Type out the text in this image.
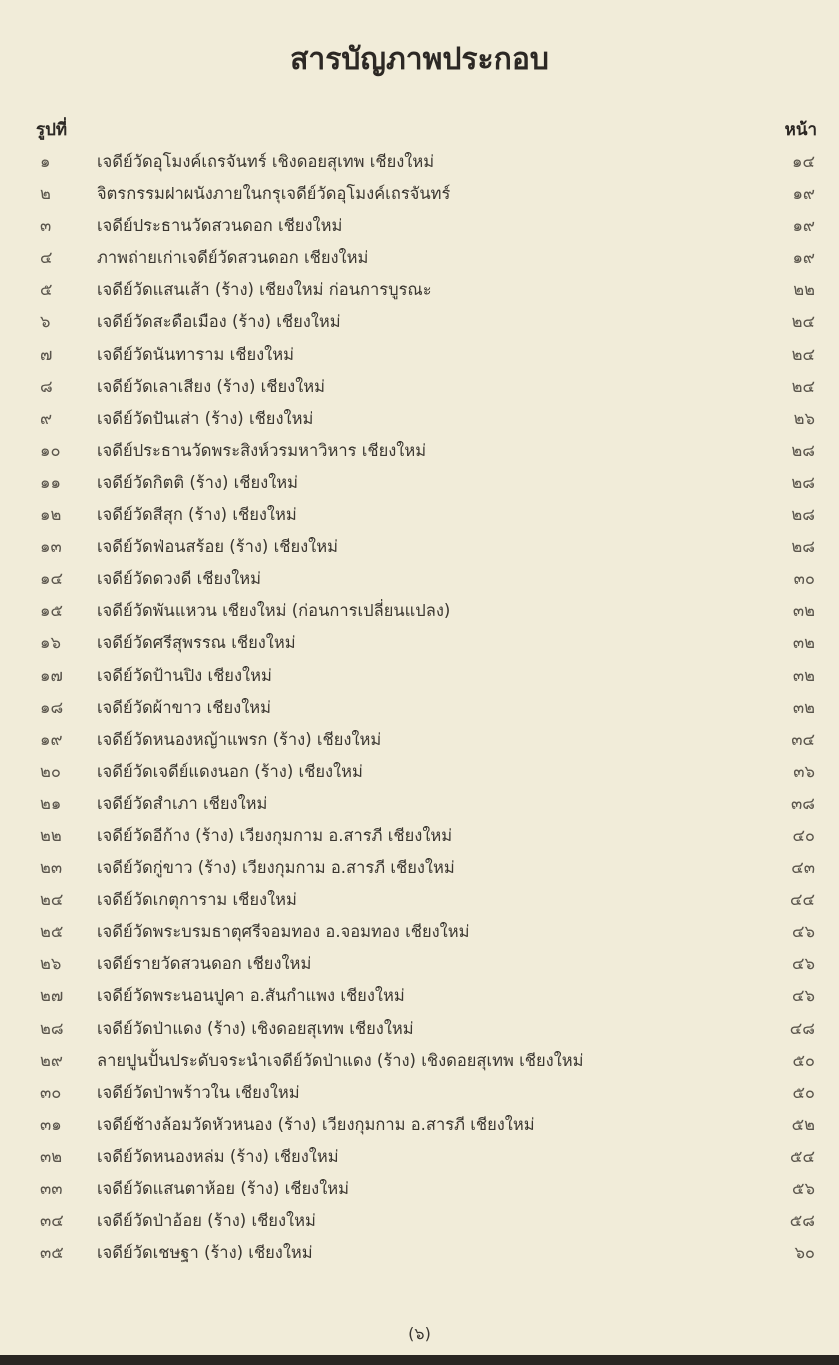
สารบัญภาพประกอบ
รูปที่	หน้า
๑	เจดีย์วัดอุโมงค์เถรจันทร์ เชิงดอยสุเทพ เชียงใหม่	๑๔
๒	จิตรกรรมฝาผนังภายในกรุเจดีย์วัดอุโมงค์เถรจันทร์	๑๙
๓	เจดีย์ประธานวัดสวนดอก เชียงใหม่	๑๙
๔	ภาพถ่ายเก่าเจดีย์วัดสวนดอก เชียงใหม่	๑๙
๕	เจดีย์วัดแสนเส้า (ร้าง) เชียงใหม่ ก่อนการบูรณะ	๒๒
๖	เจดีย์วัดสะดือเมือง (ร้าง) เชียงใหม่	๒๔
๗	เจดีย์วัดนันทาราม เชียงใหม่	๒๔
๘	เจดีย์วัดเลาเสียง (ร้าง) เชียงใหม่	๒๔
๙	เจดีย์วัดปันเส่า (ร้าง) เชียงใหม่	๒๖
๑๐	เจดีย์ประธานวัดพระสิงห์วรมหาวิหาร เชียงใหม่	๒๘
๑๑	เจดีย์วัดกิตติ (ร้าง) เชียงใหม่	๒๘
๑๒	เจดีย์วัดสีสุก (ร้าง) เชียงใหม่	๒๘
๑๓	เจดีย์วัดฟ่อนสร้อย (ร้าง) เชียงใหม่	๒๘
๑๔	เจดีย์วัดดวงดี เชียงใหม่	๓๐
๑๕	เจดีย์วัดพันแหวน เชียงใหม่ (ก่อนการเปลี่ยนแปลง)	๓๒
๑๖	เจดีย์วัดศรีสุพรรณ เชียงใหม่	๓๒
๑๗	เจดีย์วัดป้านปิง เชียงใหม่	๓๒
๑๘	เจดีย์วัดผ้าขาว เชียงใหม่	๓๒
๑๙	เจดีย์วัดหนองหญ้าแพรก (ร้าง) เชียงใหม่	๓๔
๒๐	เจดีย์วัดเจดีย์แดงนอก (ร้าง) เชียงใหม่	๓๖
๒๑	เจดีย์วัดสำเภา เชียงใหม่	๓๘
๒๒	เจดีย์วัดอีก้าง (ร้าง) เวียงกุมกาม อ.สารภี เชียงใหม่	๔๐
๒๓	เจดีย์วัดกู่ขาว (ร้าง) เวียงกุมกาม อ.สารภี เชียงใหม่	๔๓
๒๔	เจดีย์วัดเกตุการาม เชียงใหม่	๔๔
๒๕	เจดีย์วัดพระบรมธาตุศรีจอมทอง อ.จอมทอง เชียงใหม่	๔๖
๒๖	เจดีย์รายวัดสวนดอก เชียงใหม่	๔๖
๒๗	เจดีย์วัดพระนอนปูคา อ.สันกำแพง เชียงใหม่	๔๖
๒๘	เจดีย์วัดป่าแดง (ร้าง) เชิงดอยสุเทพ เชียงใหม่	๔๘
๒๙	ลายปูนปั้นประดับจระนำเจดีย์วัดป่าแดง (ร้าง) เชิงดอยสุเทพ เชียงใหม่	๕๐
๓๐	เจดีย์วัดป่าพร้าวใน เชียงใหม่	๕๐
๓๑	เจดีย์ช้างล้อมวัดหัวหนอง (ร้าง) เวียงกุมกาม อ.สารภี เชียงใหม่	๕๒
๓๒	เจดีย์วัดหนองหล่ม (ร้าง) เชียงใหม่	๕๔
๓๓	เจดีย์วัดแสนตาห้อย (ร้าง) เชียงใหม่	๕๖
๓๔	เจดีย์วัดป่าอ้อย (ร้าง) เชียงใหม่	๕๘
๓๕	เจดีย์วัดเชษฐา (ร้าง) เชียงใหม่	๖๐
(๖)
